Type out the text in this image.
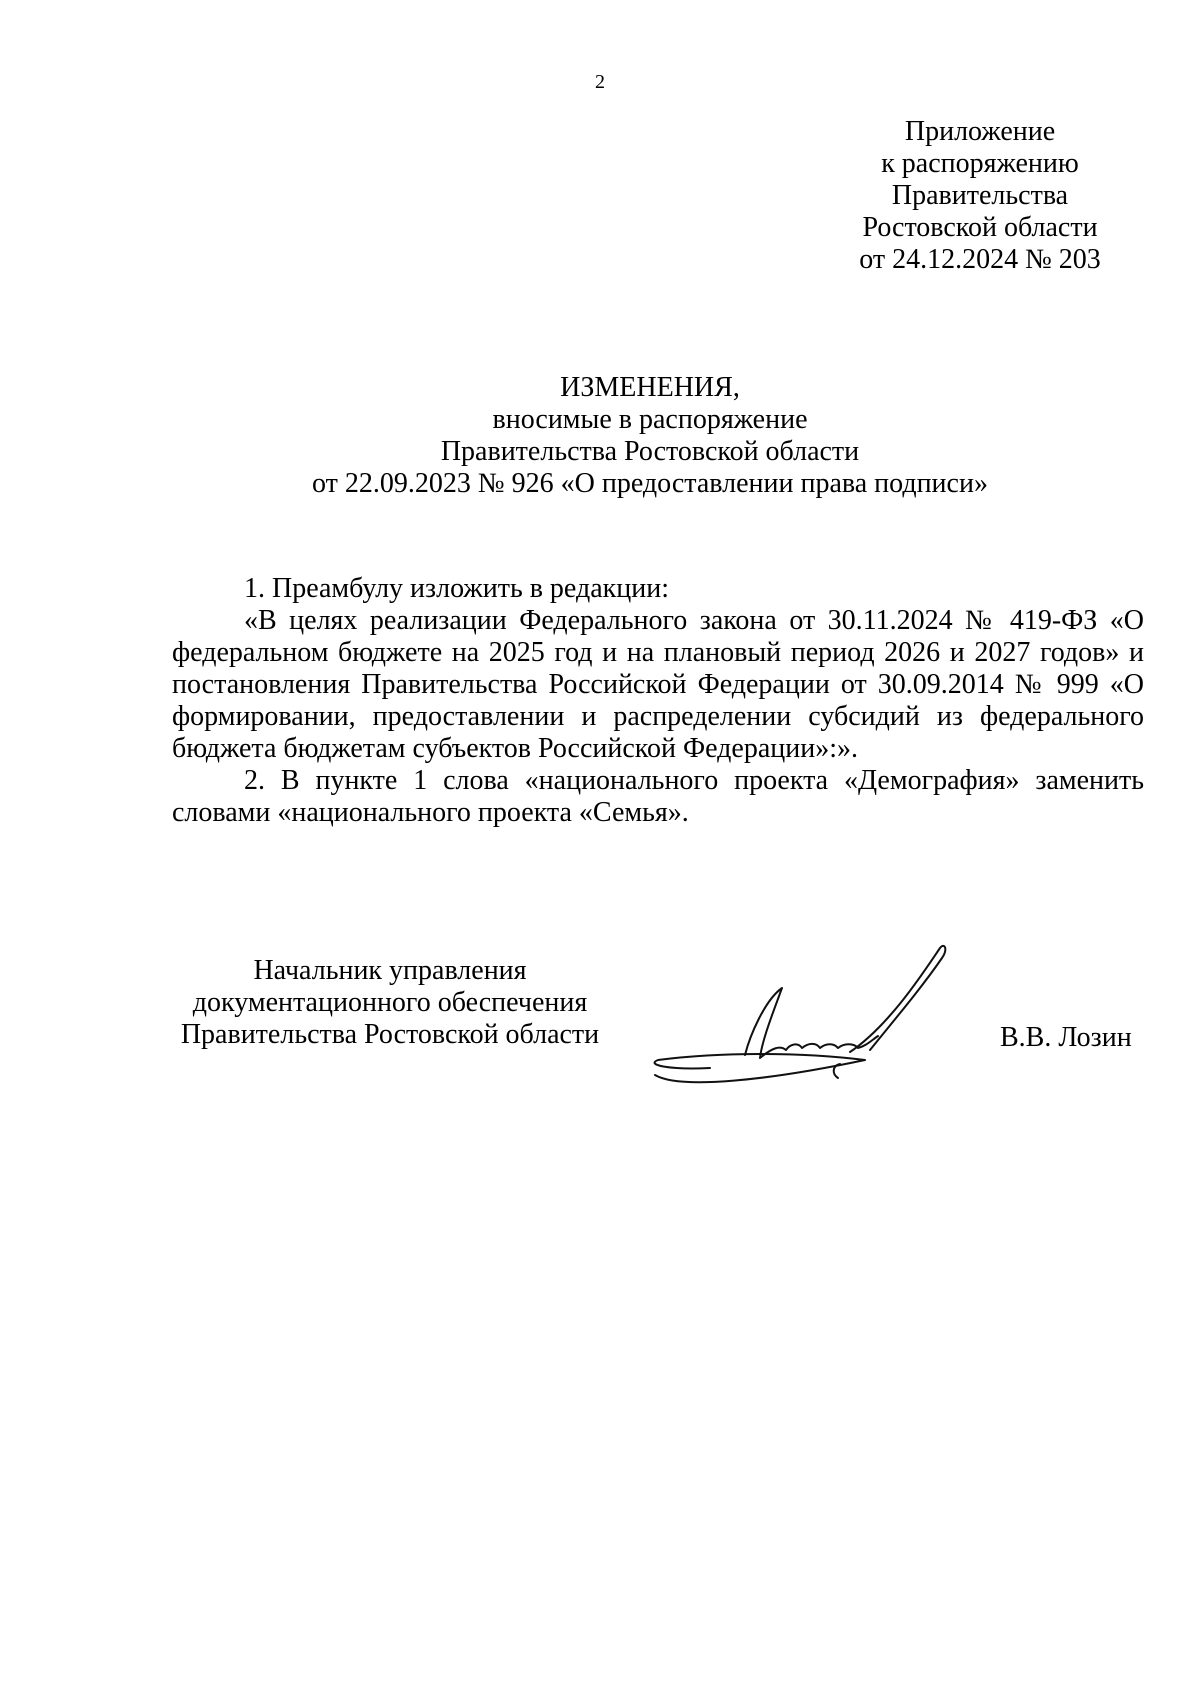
2
Приложение
к распоряжению
Правительства
Ростовской области
от 24.12.2024 № 203
ИЗМЕНЕНИЯ,
вносимые в распоряжение
Правительства Ростовской области
от 22.09.2023 № 926 «О предоставлении права подписи»

1. Преамбулу изложить в редакции:

«В целях реализации Федерального закона от 30.11.2024 № 419-ФЗ «О федеральном бюджете на 2025 год и на плановый период 2026 и 2027 годов» и постановления Правительства Российской Федерации от 30.09.2014 № 999 «О формировании, предоставлении и распределении субсидий из федерального бюджета бюджетам субъектов Российской Федерации»:».

2. В пункте 1 слова «национального проекта «Демография» заменить словами «национального проекта «Семья».

Начальник управления
документационного обеспечения
Правительства Ростовской области	В.В. Лозин
